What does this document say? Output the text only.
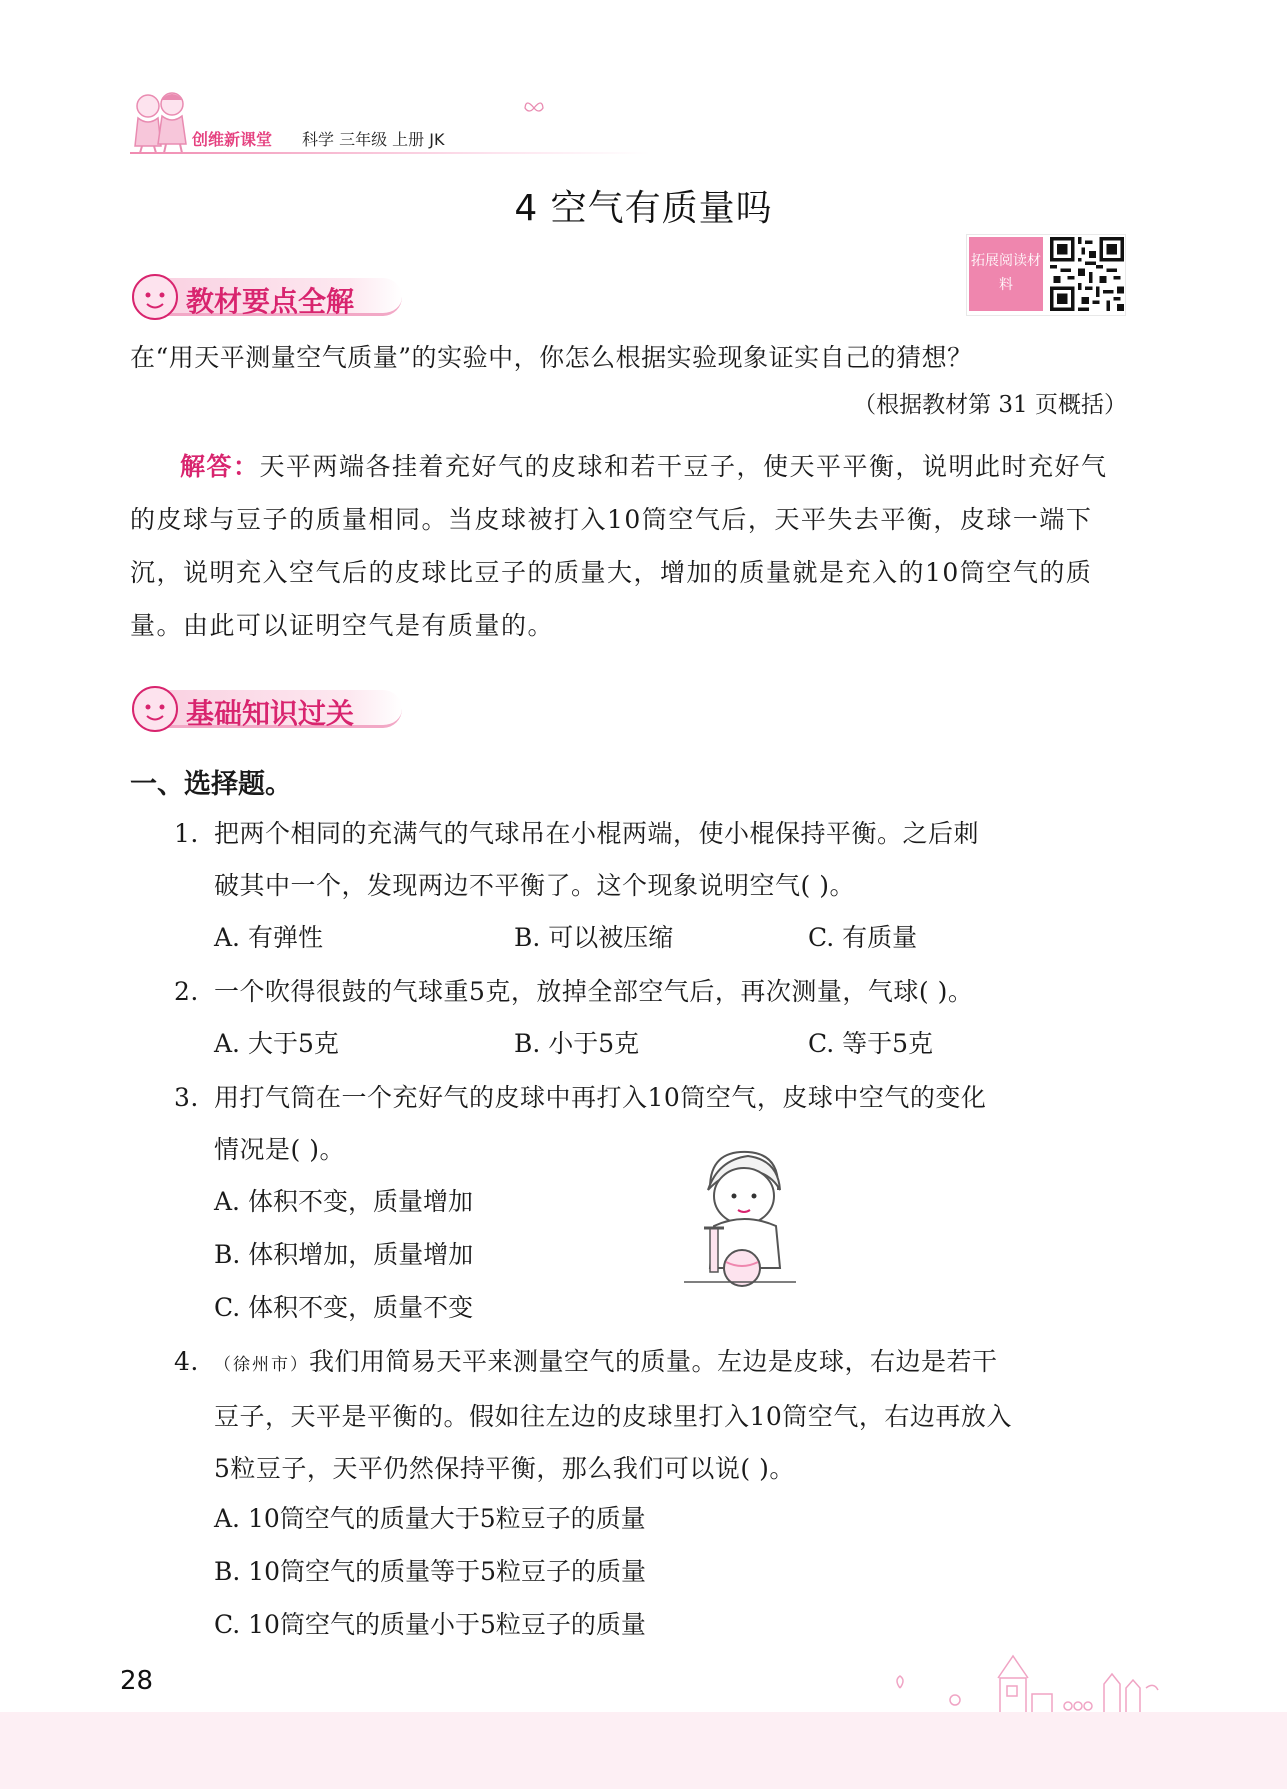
创维新课堂 科学 三年级 上册 JK
4 空气有质量吗
拓展阅读材料
教材要点全解
在“用天平测量空气质量”的实验中，你怎么根据实验现象证实自己的猜想？
（根据教材第 31 页概括）
解答：天平两端各挂着充好气的皮球和若干豆子，使天平平衡，说明此时充好气的皮球与豆子的质量相同。当皮球被打入10筒空气后，天平失去平衡，皮球一端下沉，说明充入空气后的皮球比豆子的质量大，增加的质量就是充入的10筒空气的质量。由此可以证明空气是有质量的。
基础知识过关
一、选择题。
1. 把两个相同的充满气的气球吊在小棍两端，使小棍保持平衡。之后刺
破其中一个，发现两边不平衡了。这个现象说明空气( )。
A. 有弹性	B. 可以被压缩	C. 有质量
2. 一个吹得很鼓的气球重5克，放掉全部空气后，再次测量，气球( )。
A. 大于5克	B. 小于5克	C. 等于5克
3. 用打气筒在一个充好气的皮球中再打入10筒空气，皮球中空气的变化
情况是( )。
A. 体积不变，质量增加
B. 体积增加，质量增加
C. 体积不变，质量不变
4. （徐州市）我们用简易天平来测量空气的质量。左边是皮球，右边是若干
豆子，天平是平衡的。假如往左边的皮球里打入10筒空气，右边再放入
5粒豆子，天平仍然保持平衡，那么我们可以说( )。
A. 10筒空气的质量大于5粒豆子的质量
B. 10筒空气的质量等于5粒豆子的质量
C. 10筒空气的质量小于5粒豆子的质量
28
